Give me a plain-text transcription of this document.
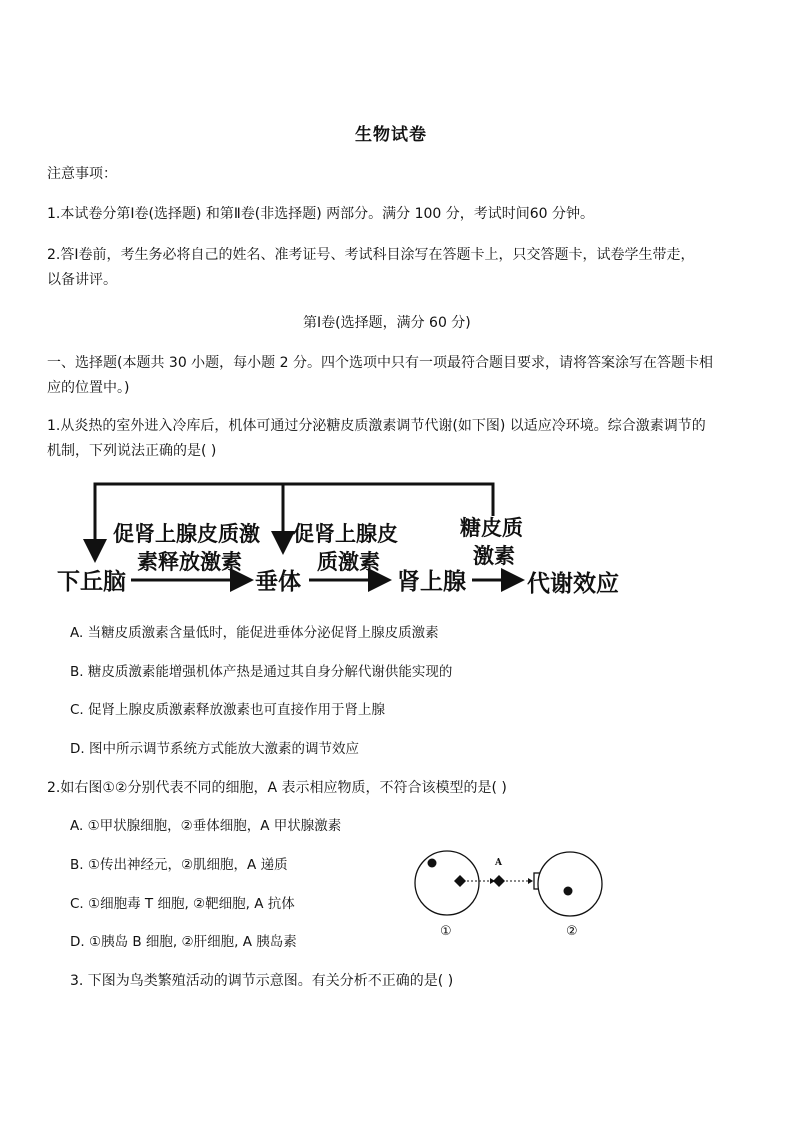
生物试卷
注意事项：
1.本试卷分第Ⅰ卷(选择题) 和第Ⅱ卷(非选择题) 两部分。满分 100 分，考试时间60 分钟。
2.答Ⅰ卷前，考生务必将自己的姓名、准考证号、考试科目涂写在答题卡上，只交答题卡，试卷学生带走，
以备讲评。
第Ⅰ卷(选择题，满分 60 分)
一、选择题(本题共 30 小题，每小题 2 分。四个选项中只有一项最符合题目要求，请将答案涂写在答题卡相
应的位置中。)
1.从炎热的室外进入冷库后，机体可通过分泌糖皮质激素调节代谢(如下图) 以适应冷环境。综合激素调节的
机制，下列说法正确的是( )
促肾上腺皮质激
素释放激素
促肾上腺皮
质激素
糖皮质
激素
下丘脑	垂体	肾上腺	代谢效应
A. 当糖皮质激素含量低时，能促进垂体分泌促肾上腺皮质激素
B. 糖皮质激素能增强机体产热是通过其自身分解代谢供能实现的
C. 促肾上腺皮质激素释放激素也可直接作用于肾上腺
D. 图中所示调节系统方式能放大激素的调节效应
2.如右图①②分别代表不同的细胞，A 表示相应物质，不符合该模型的是( )
A. ①甲状腺细胞，②垂体细胞，A 甲状腺激素
B. ①传出神经元，②肌细胞，A 递质
C. ①细胞毒 T 细胞, ②靶细胞, A 抗体
D. ①胰岛 B 细胞, ②肝细胞, A 胰岛素
A
①	②
3. 下图为鸟类繁殖活动的调节示意图。有关分析不正确的是( )
